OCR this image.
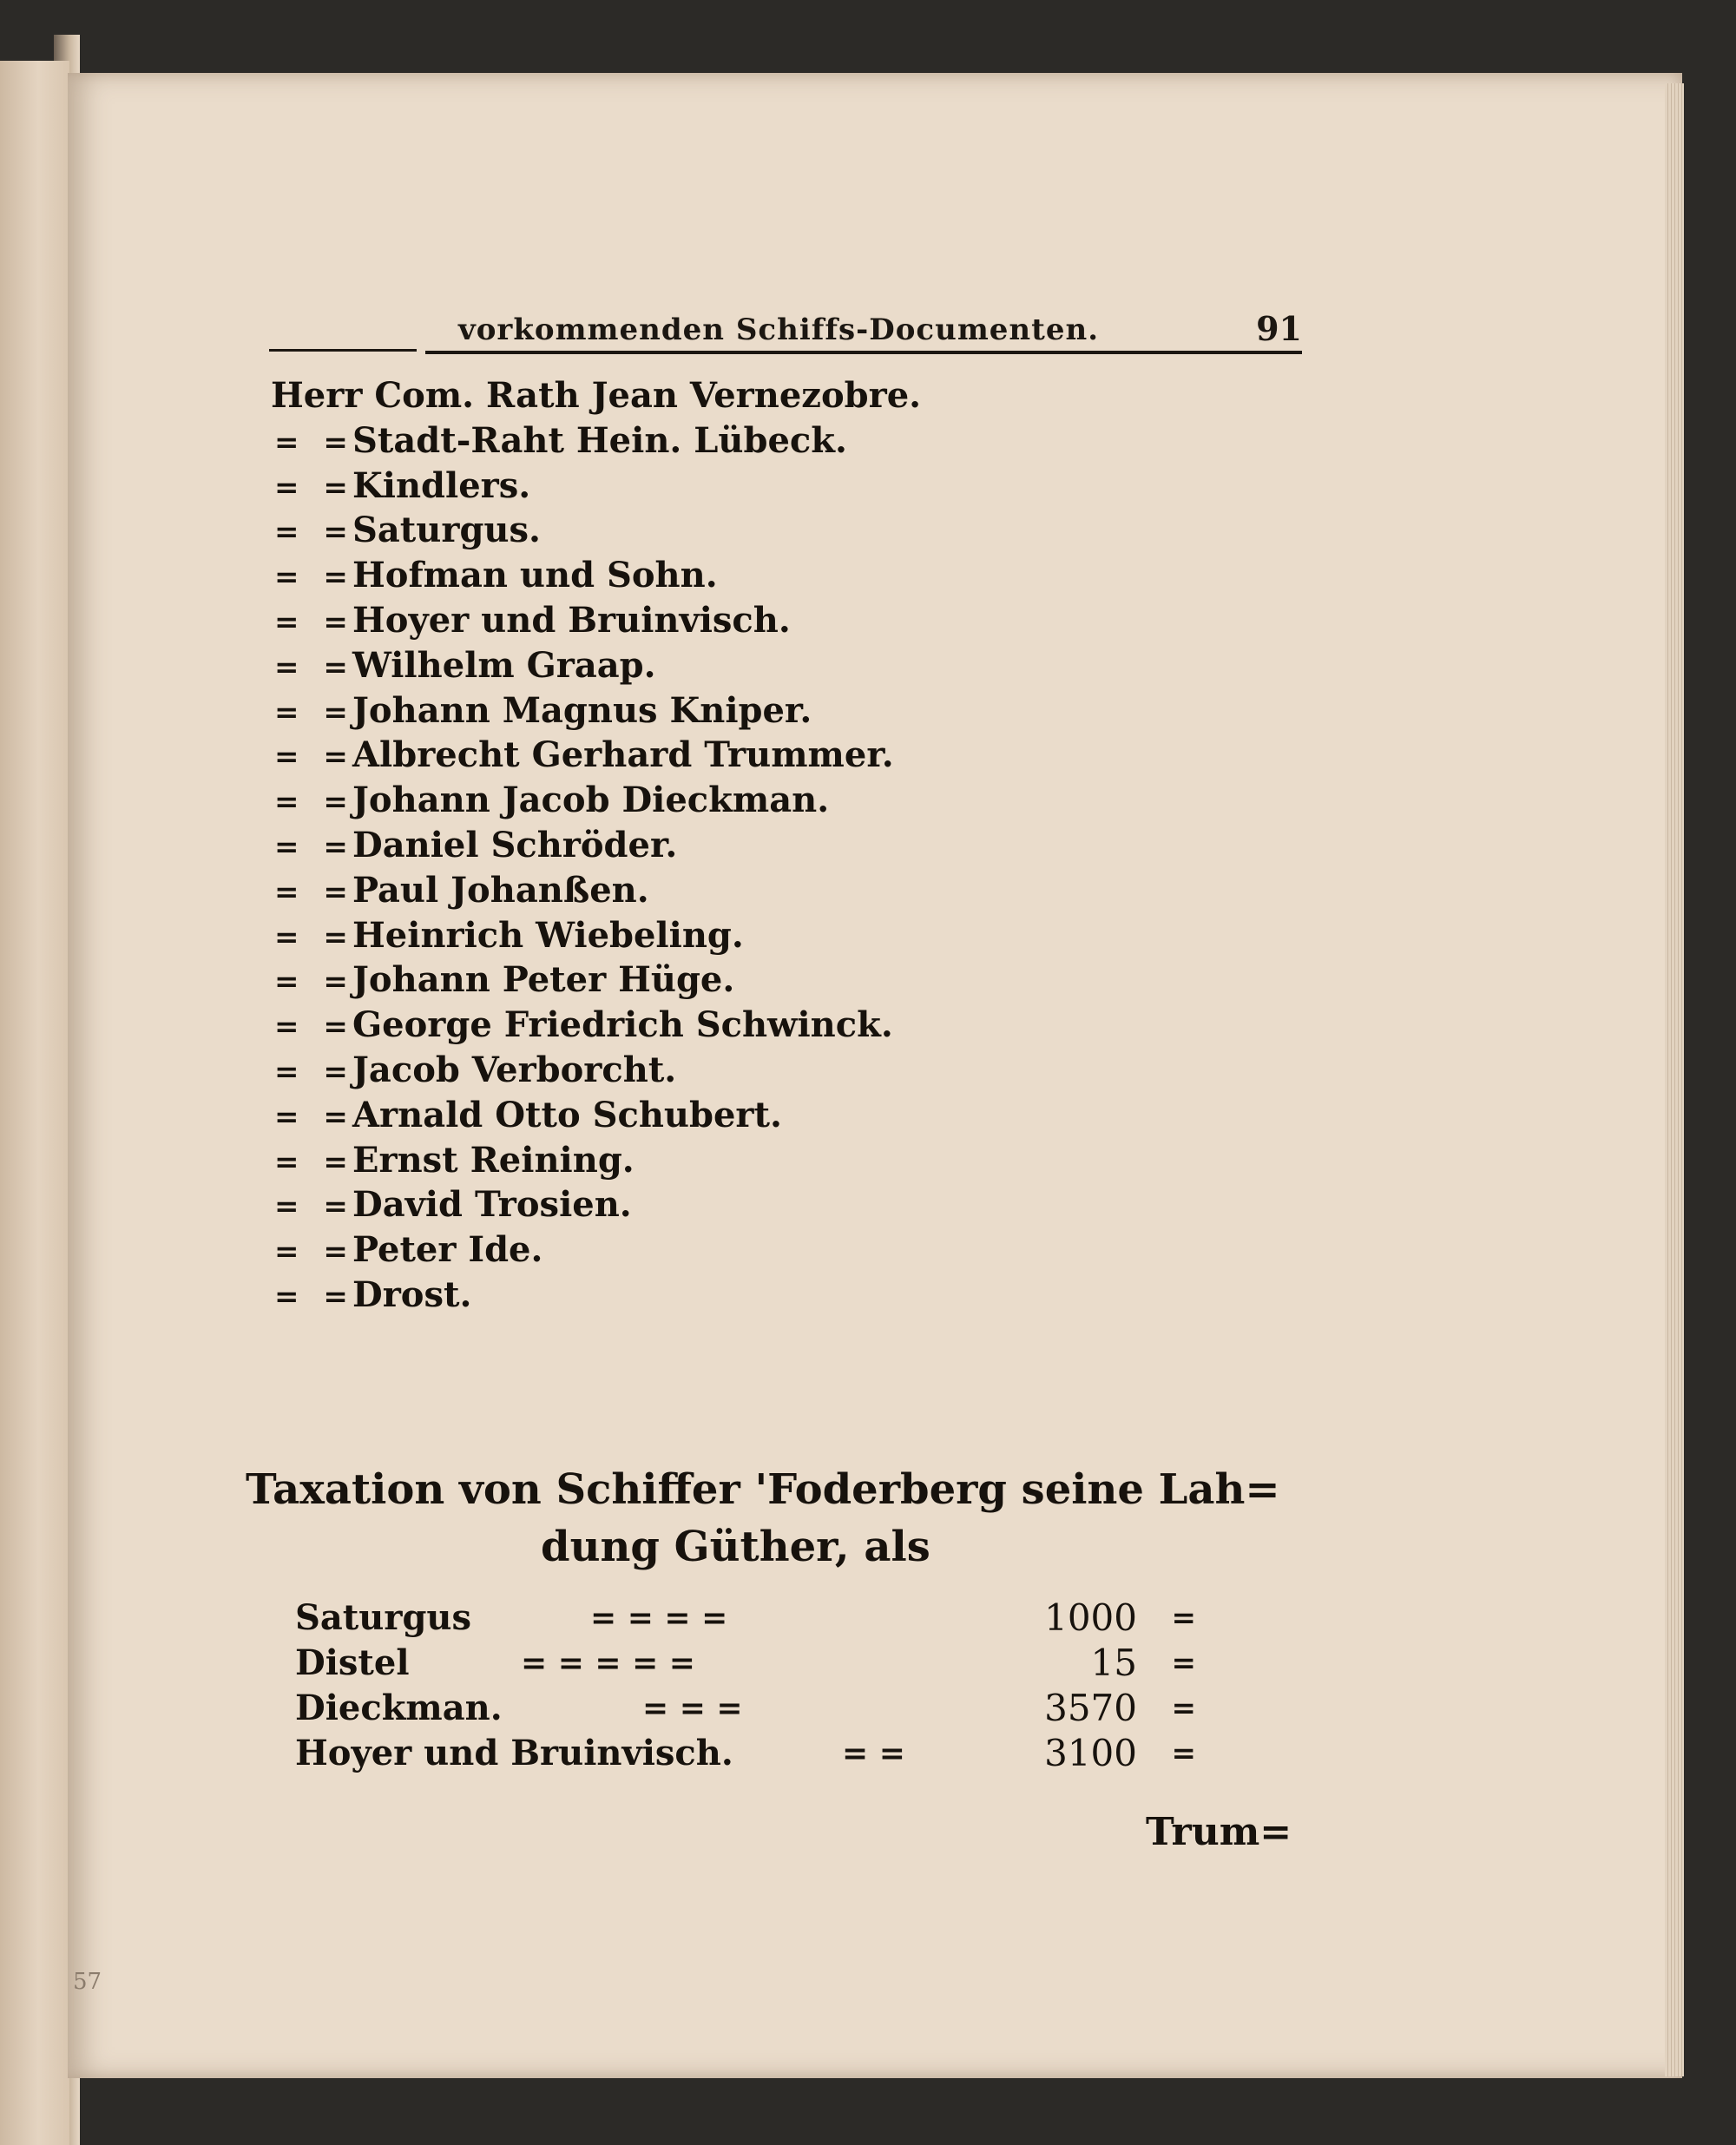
vorkommenden Schiffs-Documenten.	91
Herr Com. Rath Jean Vernezobre.
= =Stadt-Raht Hein. Lübeck.
= =Kindlers.
= =Saturgus.
= =Hofman und Sohn.
= =Hoyer und Bruinvisch.
= =Wilhelm Graap.
= =Johann Magnus Kniper.
= =Albrecht Gerhard Trummer.
= =Johann Jacob Dieckman.
= =Daniel Schröder.
= =Paul Johanßen.
= =Heinrich Wiebeling.
= =Johann Peter Hüge.
= =George Friedrich Schwinck.
= =Jacob Verborcht.
= =Arnald Otto Schubert.
= =Ernst Reining.
= =David Trosien.
= =Peter Ide.
= =Drost.
Taxation von Schiffer 'Foderberg seine Lah=
dung Güther, als
Saturgus	= = = =	1000 =
Distel	= = = = =	15 =
Dieckman.	= = =	3570 =
Hoyer und Bruinvisch.	= =	3100 =
Trum=
57
